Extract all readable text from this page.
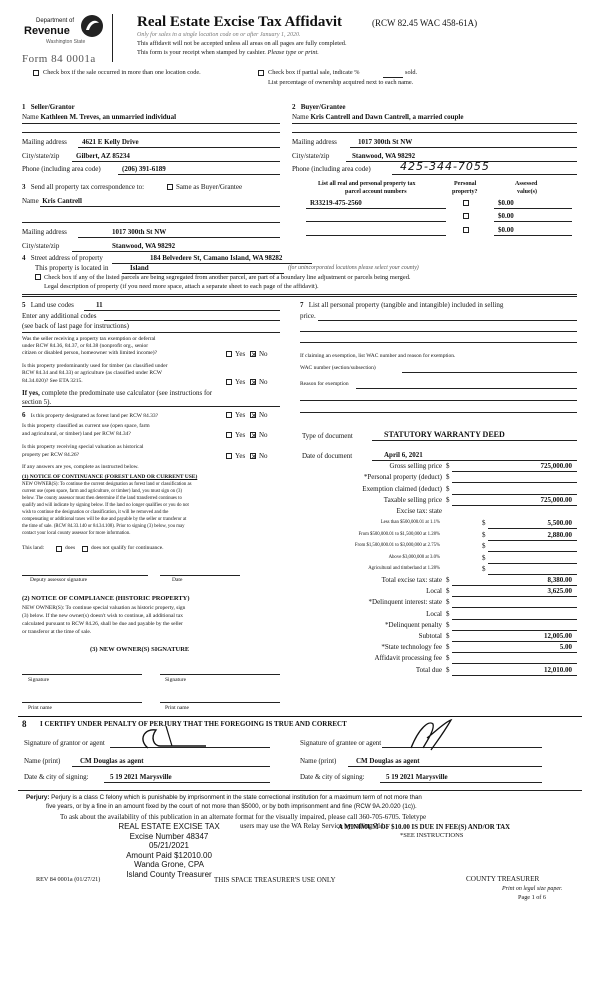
Department of
Revenue
Washington State
Form 84 0001a
Real Estate Excise Tax Affidavit	(RCW 82.45 WAC 458-61A)
Only for sales in a single location code on or after January 1, 2020.
This affidavit will not be accepted unless all areas on all pages are fully completed.
This form is your receipt when stamped by cashier. Please type or print.
Check box if the sale occurred in more than one location code.	Check box if partial sale, indicate %	sold.
List percentage of ownership acquired next to each name.
1 Seller/Grantor
Name Kathleen M. Treves, an unmarried individual
Mailing address 4621 E Kelly Drive
City/state/zip Gilbert, AZ 85234
Phone (including area code)	(206) 391-6189
2 Buyer/Grantee
Name Kris Cantrell and Dawn Cantrell, a married couple
Mailing address	1017 300th St NW
City/state/zip	Stanwood, WA 98292
Phone (including area code)	425-344-7055
3 Send all property tax correspondence to:	Same as Buyer/Grantee
Name Kris Cantrell
Mailing address	1017 300th St NW
City/state/zip	Stanwood, WA 98292
List all real and personal property tax
parcel account numbers
Personal
property?
Assessed
value(s)
R33219-475-2560	$0.00
$0.00
$0.00
4 Street address of property	184 Belvedere St, Camano Island, WA 98282
This property is located in	Island	(for unincorporated locations please select your county)
Check box if any of the listed parcels are being segregated from another parcel, are part of a boundary line adjustment or parcels being merged.
Legal description of property (if you need more space, attach a separate sheet to each page of the affidavit).
5 Land use codes	11
Enter any additional codes
(see back of last page for instructions)
Was the seller receiving a property tax exemption or deferral
under RCW 84.36, 84.37, or 84.38 (nonprofit org., senior
citizen or disabled person, homeowner with limited income)?	Yes ✕ No
Is this property predominantly used for timber (as classified under
RCW 84.34 and 84.33) or agriculture (as classified under RCW
84.34.020)? See ETA 3215.	Yes ✕ No
If yes, complete the predominate use calculator (see instructions for
section 5).
6 Is this property designated as forest land per RCW 84.33?	Yes ✕ No
Is this property classified as current use (open space, farm
and agricultural, or timber) land per RCW 84.34?	Yes ✕ No
Is this property receiving special valuation as historical
property per RCW 84.26?	Yes ✕ No
If any answers are yes, complete as instructed below.
(1) NOTICE OF CONTINUANCE (FOREST LAND OR CURRENT USE)
NEW OWNER(S): To continue the current designation as forest land or classification as
current use (open space, farm and agriculture, or timber) land, you must sign on (3)
below. The county assessor must then determine if the land transferred continues to
qualify and will indicate by signing below. If the land no longer qualifies or you do not
wish to continue the designation or classification, it will be removed and the
compensating or additional taxes will be due and payable by the seller or transferor at
the time of sale. (RCW 84.33.140 or 84.34.108). Prior to signing (3) below, you may
contact your local county assessor for more information.
This land:	does	does not qualify for continuance.
Deputy assessor signature	Date
(2) NOTICE OF COMPLIANCE (HISTORIC PROPERTY)
NEW OWNER(S): To continue special valuation as historic property, sign
(3) below. If the new owner(s) doesn't wish to continue, all additional tax
calculated pursuant to RCW 84.26, shall be due and payable by the seller
or transferor at the time of sale.
(3) NEW OWNER(S) SIGNATURE
Signature	Signature
Print name	Print name
7 List all personal property (tangible and intangible) included in selling
price.
If claiming an exemption, list WAC number and reason for exemption.
WAC number (section/subsection)
Reason for exemption
Type of document	STATUTORY WARRANTY DEED
Date of document	April 6, 2021
Gross selling price $	725,000.00
*Personal property (deduct) $
Exemption claimed (deduct) $
Taxable selling price $	725,000.00
Excise tax: state
Less than $500,000.01 at 1.1%	$	5,500.00
From $500,000.01 to $1,500,000 at 1.28%	$	2,880.00
From $1,500,000.01 to $3,000,000 at 2.75%	$
Above $3,000,000 at 3.0%	$
Agricultural and timberland at 1.28%	$
Total excise tax: state $	8,380.00
Local $	3,625.00
*Delinquent interest: state $
Local $
*Delinquent penalty $
Subtotal $	12,005.00
*State technology fee $	5.00
Affidavit processing fee $
Total due $	12,010.00
A MINIMUM OF $10.00 IS DUE IN FEE(S) AND/OR TAX
*SEE INSTRUCTIONS
8 I CERTIFY UNDER PENALTY OF PERJURY THAT THE FOREGOING IS TRUE AND CORRECT
Signature of grantor or agent	Signature of grantee or agent
Name (print)	CM Douglas as agent	Name (print)	CM Douglas as agent
Date & city of signing:	5 19 2021 Marysville	Date & city of signing:	5 19 2021 Marysville
Perjury: Perjury is a class C felony which is punishable by imprisonment in the state correctional institution for a maximum term of not more than
five years, or by a fine in an amount fixed by the court of not more than $5000, or by both imprisonment and fine (RCW 9A.20.020 (1c)).
To ask about the availability of this publication in an alternate format for the visually impaired, please call 360-705-6705. Teletype
users may use the WA Relay Service by calling 711.
REAL ESTATE EXCISE TAX
Excise Number 48347
05/21/2021
Amount Paid $12010.00
Wanda Grone, CPA
Island County Treasurer
REV 84 0001a (01/27/21)	THIS SPACE TREASURER'S USE ONLY	COUNTY TREASURER
Print on legal size paper.
Page 1 of 6
